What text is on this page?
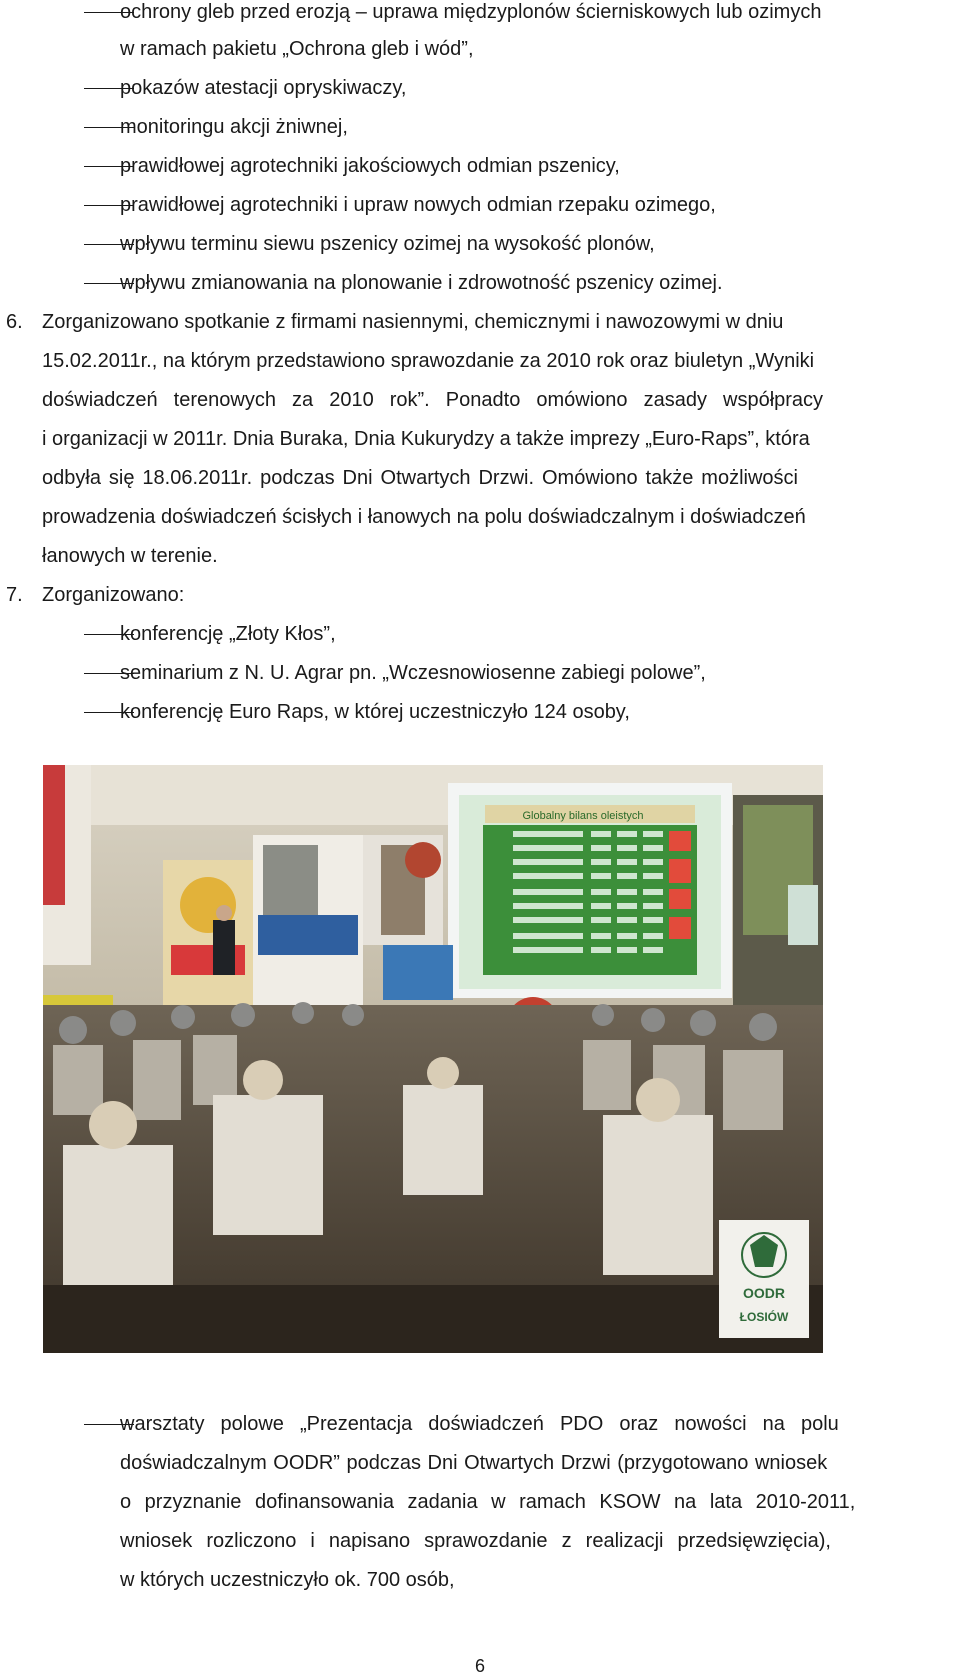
ochrony gleb przed erozją – uprawa międzyplonów ścierniskowych lub ozimych
w ramach pakietu „Ochrona gleb i wód”,
pokazów atestacji opryskiwaczy,
monitoringu akcji żniwnej,
prawidłowej agrotechniki jakościowych odmian pszenicy,
prawidłowej agrotechniki i upraw nowych odmian rzepaku ozimego,
wpływu terminu siewu pszenicy ozimej na wysokość plonów,
wpływu zmianowania na plonowanie i zdrowotność pszenicy ozimej.
6. Zorganizowano spotkanie z firmami nasiennymi, chemicznymi i nawozowymi w dniu
15.02.2011r., na którym przedstawiono sprawozdanie za 2010 rok oraz biuletyn „Wyniki
doświadczeń terenowych za 2010 rok”. Ponadto omówiono zasady współpracy
i organizacji w 2011r. Dnia Buraka, Dnia Kukurydzy a także imprezy „Euro-Raps”, która
odbyła się 18.06.2011r. podczas Dni Otwartych Drzwi. Omówiono także możliwości
prowadzenia doświadczeń ścisłych i łanowych na polu doświadczalnym i doświadczeń
łanowych w terenie.
7. Zorganizowano:
konferencję „Złoty Kłos”,
seminarium z N. U. Agrar pn. „Wczesnowiosenne zabiegi polowe”,
konferencję Euro Raps, w której uczestniczyło 124 osoby,
Globalny bilans oleistych
OODR
ŁOSIÓW
warsztaty polowe „Prezentacja doświadczeń PDO oraz nowości na polu
doświadczalnym OODR” podczas Dni Otwartych Drzwi (przygotowano wniosek
o przyznanie dofinansowania zadania w ramach KSOW na lata 2010-2011,
wniosek rozliczono i napisano sprawozdanie z realizacji przedsięwzięcia),
w których uczestniczyło ok. 700 osób,
6
